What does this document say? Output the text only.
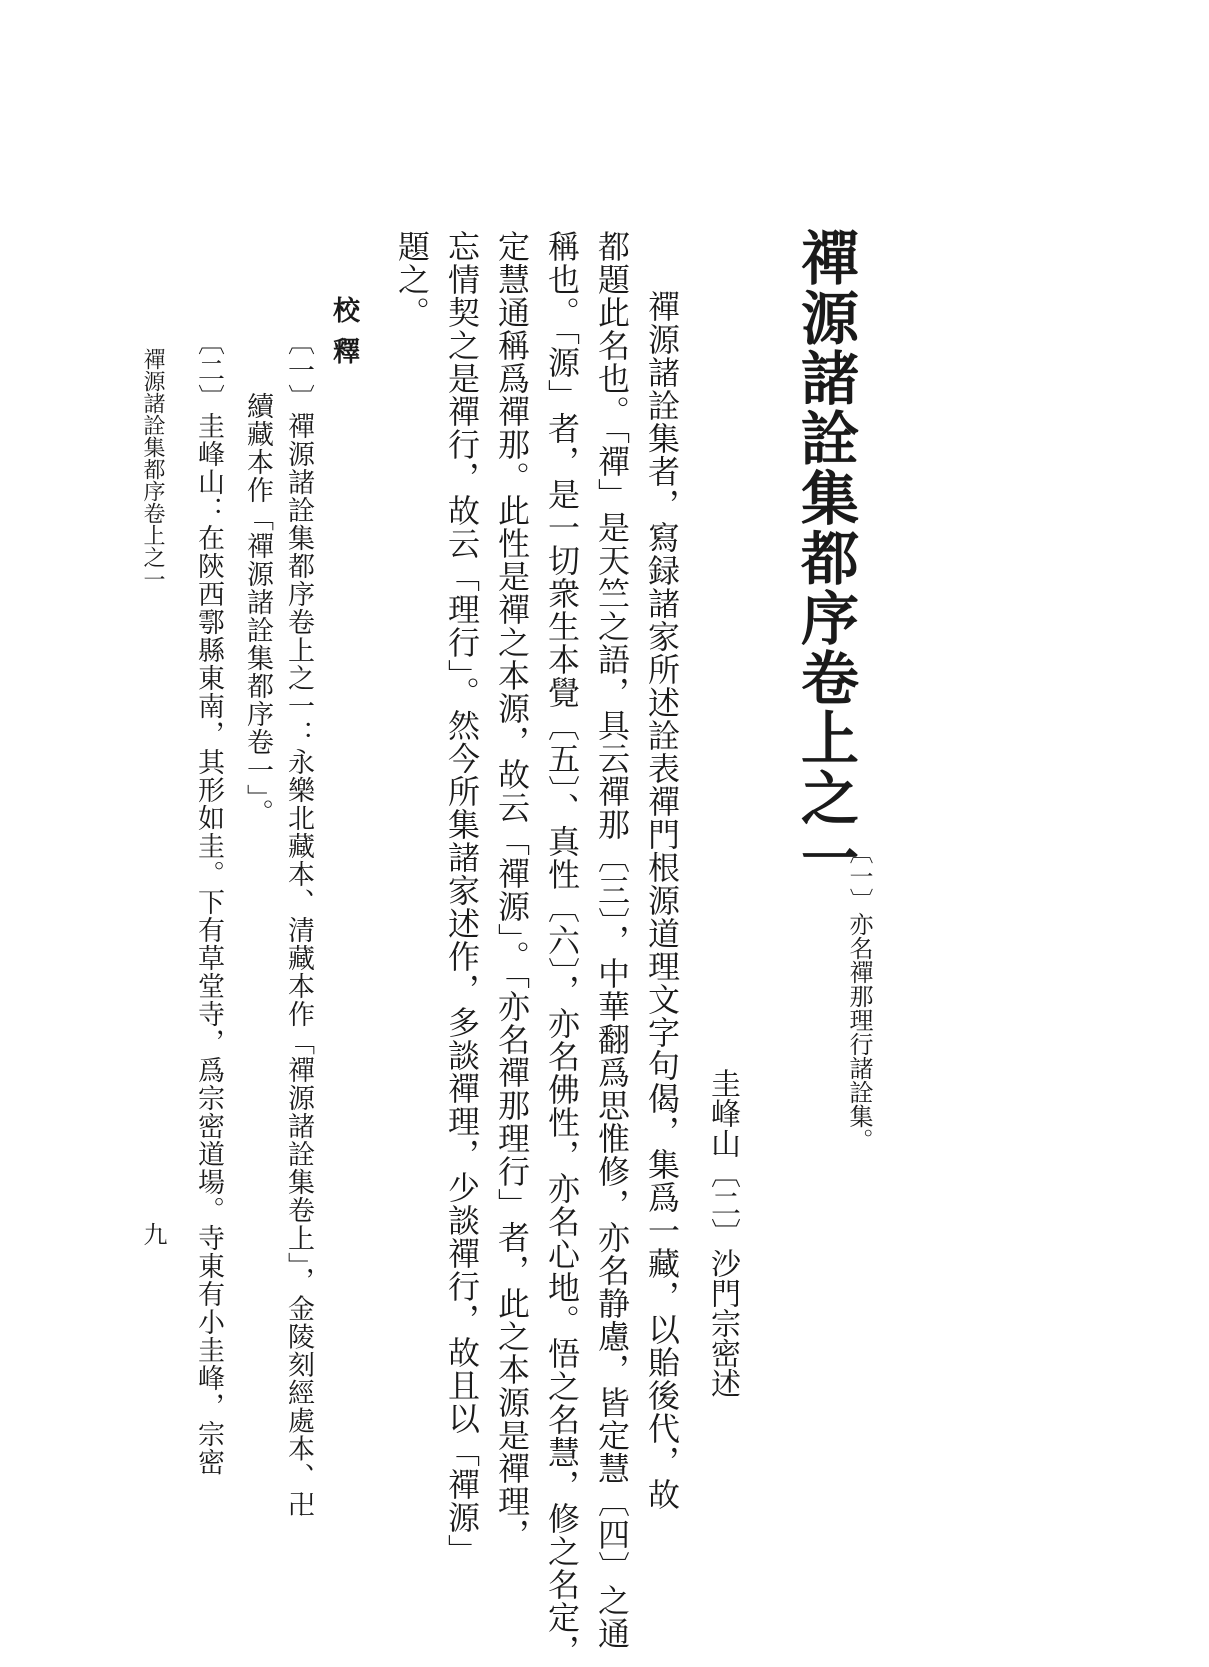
禪源諸詮集都序卷上之一
〔一〕亦名禪那理行諸詮集。
圭峰山〔二〕沙門宗密述
禪源諸詮集者，寫録諸家所述詮表禪門根源道理文字句偈，集爲一藏，以貽後代，故
都題此名也。「禪」是天竺之語，具云禪那〔三〕，中華翻爲思惟修，亦名静慮，皆定慧〔四〕之通
稱也。「源」者，是一切衆生本覺〔五〕、真性〔六〕，亦名佛性，亦名心地。悟之名慧，修之名定，
定慧通稱爲禪那。此性是禪之本源，故云「禪源」。「亦名禪那理行」者，此之本源是禪理，
忘情契之是禪行，故云「理行」。然今所集諸家述作，多談禪理，少談禪行，故且以「禪源」
題之。
校釋
〔一〕禪源諸詮集都序卷上之一：永樂北藏本、清藏本作「禪源諸詮集卷上」，金陵刻經處本、卍
續藏本作「禪源諸詮集都序卷一」。
〔二〕圭峰山：在陝西鄠縣東南，其形如圭。下有草堂寺，爲宗密道場。寺東有小圭峰，宗密
禪源諸詮集都序卷上之一
九
